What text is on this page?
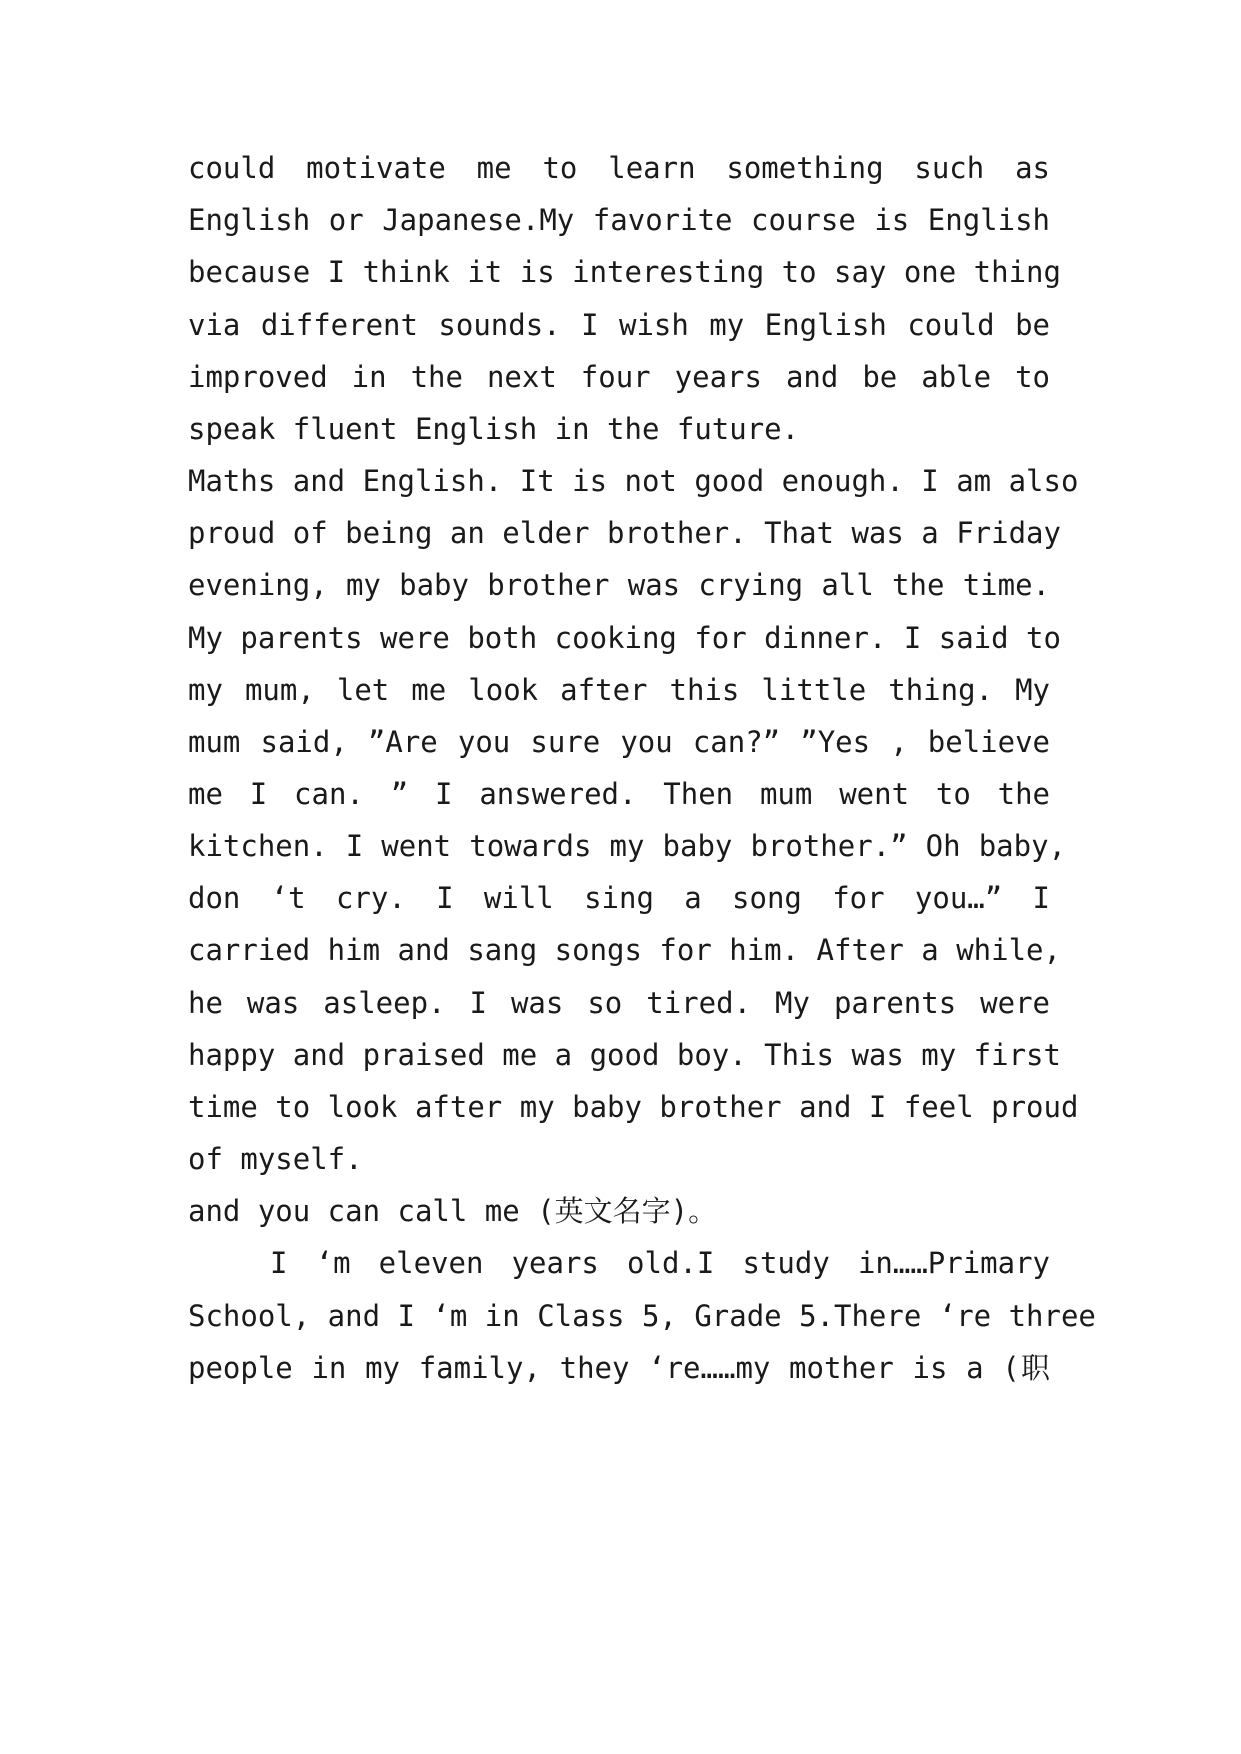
could motivate me to learn something such as
English or Japanese.My favorite course is English
because I think it is interesting to say one thing
via different sounds. I wish my English could be
improved in the next four years and be able to
speak fluent English in the future.
Maths and English. It is not good enough. I am also
proud of being an elder brother. That was a Friday
evening, my baby brother was crying all the time.
My parents were both cooking for dinner. I said to
my mum, let me look after this little thing. My
mum said, ”Are you sure you can?” ”Yes , believe
me I can. ” I answered. Then mum went to the
kitchen. I went towards my baby brother.” Oh baby,
don ‘t cry. I will sing a song for you…” I
carried him and sang songs for him. After a while,
he was asleep. I was so tired. My parents were
happy and praised me a good boy. This was my first
time to look after my baby brother and I feel proud
of myself.
and you can call me (英文名字)。
I ‘m eleven years old.I study in……Primary
School, and I ‘m in Class 5, Grade 5.There ‘re three
people in my family, they ‘re……my mother is a (职
